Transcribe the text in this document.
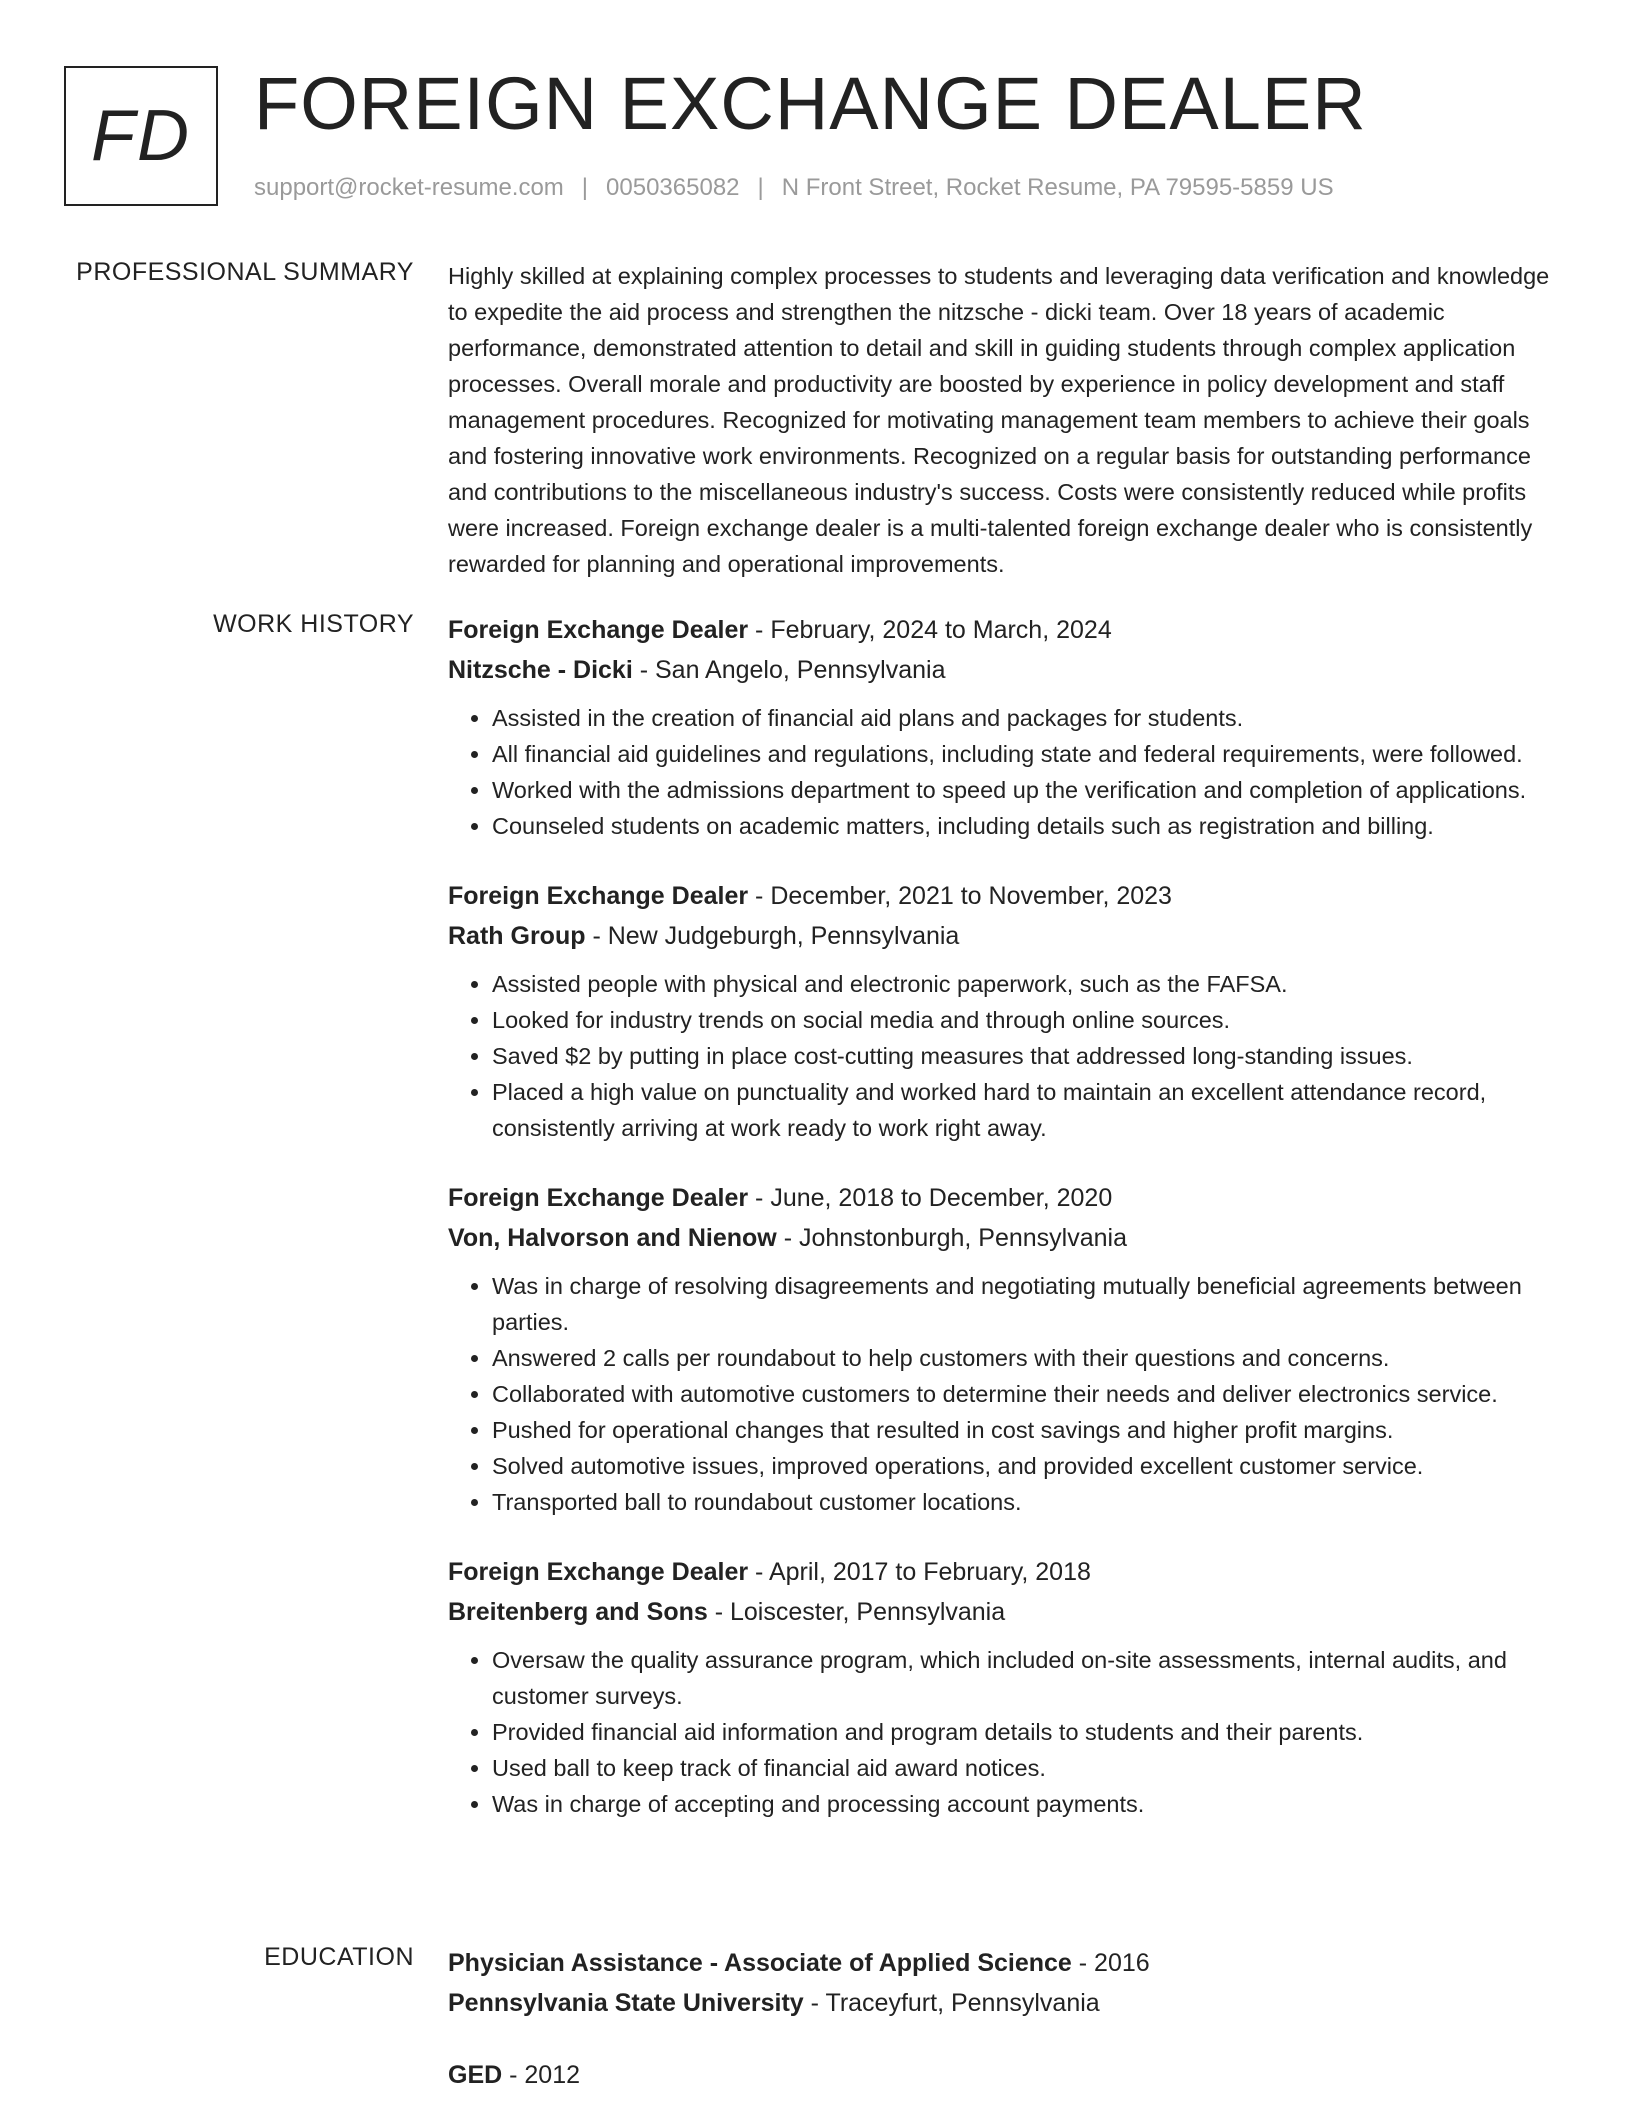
FD FOREIGN EXCHANGE DEALER
support@rocket-resume.com | 0050365082 | N Front Street, Rocket Resume, PA 79595-5859 US
PROFESSIONAL SUMMARY Highly skilled at explaining complex processes to students and leveraging data verification and knowledge to expedite the aid process and strengthen the nitzsche - dicki team. Over 18 years of academic performance, demonstrated attention to detail and skill in guiding students through complex application processes. Overall morale and productivity are boosted by experience in policy development and staff management procedures. Recognized for motivating management team members to achieve their goals and fostering innovative work environments. Recognized on a regular basis for outstanding performance and contributions to the miscellaneous industry's success. Costs were consistently reduced while profits were increased. Foreign exchange dealer is a multi-talented foreign exchange dealer who is consistently rewarded for planning and operational improvements.

WORK HISTORY Foreign Exchange Dealer - February, 2024 to March, 2024
Nitzsche - Dicki - San Angelo, Pennsylvania
• Assisted in the creation of financial aid plans and packages for students.
• All financial aid guidelines and regulations, including state and federal requirements, were followed.
• Worked with the admissions department to speed up the verification and completion of applications.
• Counseled students on academic matters, including details such as registration and billing.
Foreign Exchange Dealer - December, 2021 to November, 2023
Rath Group - New Judgeburgh, Pennsylvania
• Assisted people with physical and electronic paperwork, such as the FAFSA.
• Looked for industry trends on social media and through online sources.
• Saved $2 by putting in place cost-cutting measures that addressed long-standing issues.
• Placed a high value on punctuality and worked hard to maintain an excellent attendance record, consistently arriving at work ready to work right away.
Foreign Exchange Dealer - June, 2018 to December, 2020
Von, Halvorson and Nienow - Johnstonburgh, Pennsylvania
• Was in charge of resolving disagreements and negotiating mutually beneficial agreements between parties.
• Answered 2 calls per roundabout to help customers with their questions and concerns.
• Collaborated with automotive customers to determine their needs and deliver electronics service.
• Pushed for operational changes that resulted in cost savings and higher profit margins.
• Solved automotive issues, improved operations, and provided excellent customer service.
• Transported ball to roundabout customer locations.
Foreign Exchange Dealer - April, 2017 to February, 2018
Breitenberg and Sons - Loiscester, Pennsylvania
• Oversaw the quality assurance program, which included on-site assessments, internal audits, and customer surveys.
• Provided financial aid information and program details to students and their parents.
• Used ball to keep track of financial aid award notices.
• Was in charge of accepting and processing account payments.
EDUCATION Physician Assistance - Associate of Applied Science - 2016
Pennsylvania State University - Traceyfurt, Pennsylvania
GED - 2012
